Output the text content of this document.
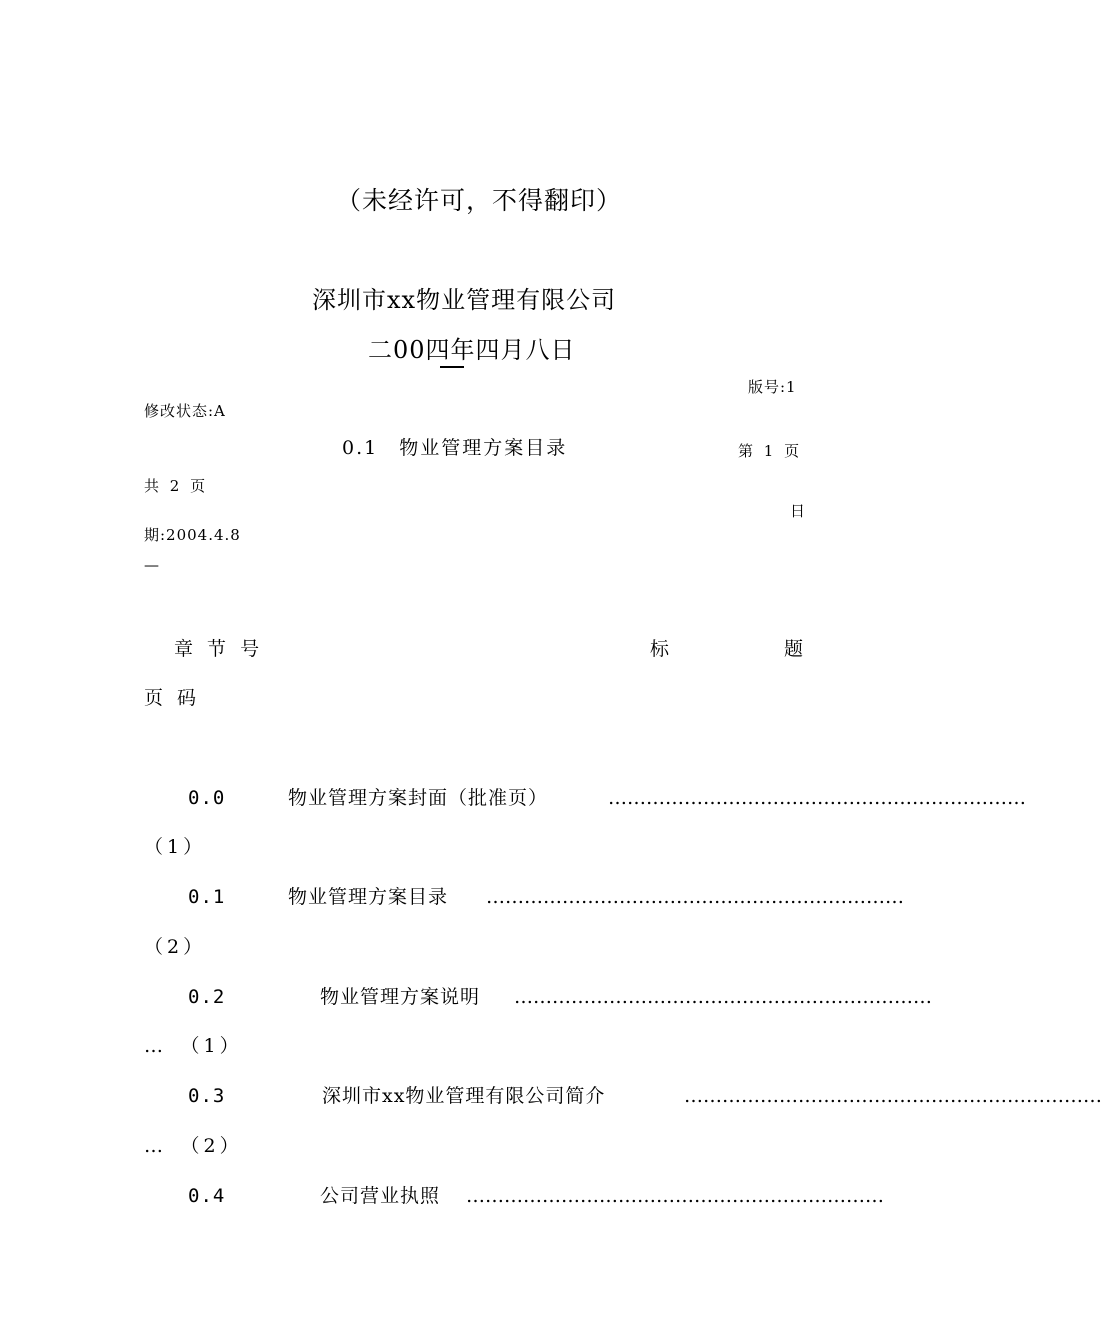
（未经许可，不得翻印）
深圳市xx物业管理有限公司
二00四年四月八日
版号:1
修改状态:A
0.1　物业管理方案目录	第 1 页
共 2 页
日
期:2004.4.8
—
章 节 号	标	题
页 码
0.0	物业管理方案封面（批准页）	…………………………………………………………
（1）
0.1	物业管理方案目录 …………………………………………………………
（2）
0.2	物业管理方案说明 …………………………………………………………
…　（1）
0.3	深圳市xx物业管理有限公司简介	…………………………………………………………
…　（2）
0.4	公司营业执照 …………………………………………………………
